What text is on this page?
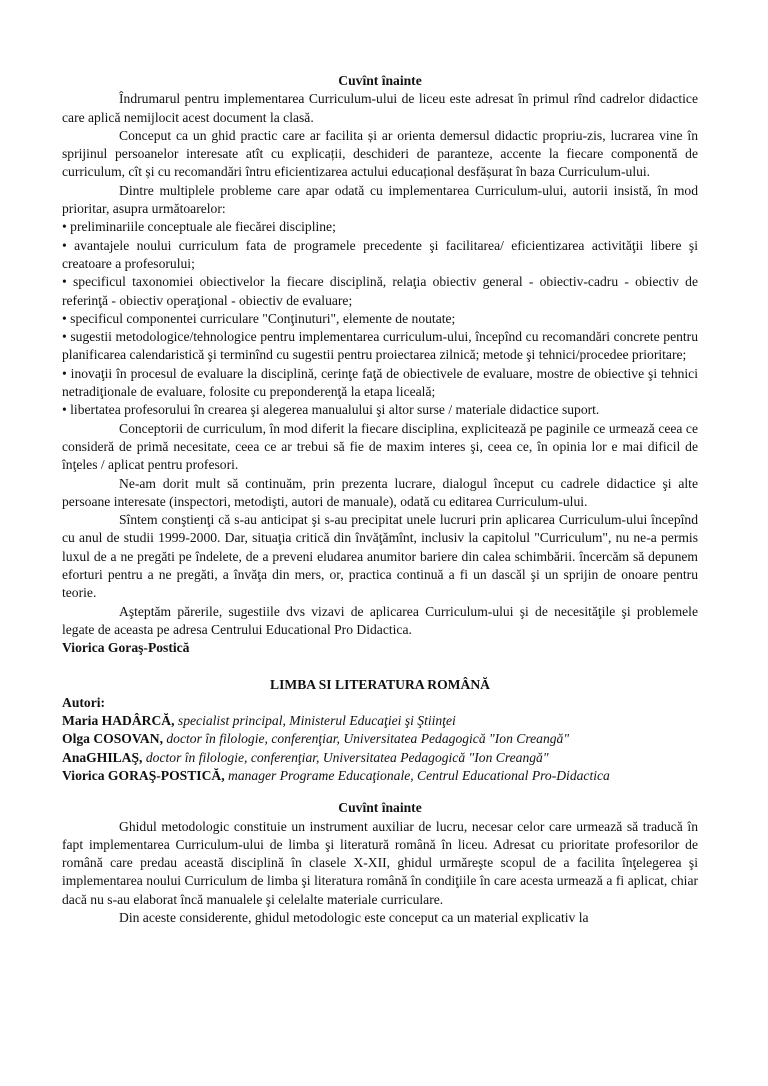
Cuvînt înainte

Îndrumarul pentru implementarea Curriculum-ului de liceu este adresat în primul rînd cadrelor didactice care aplică nemijlocit acest document la clasă.

Conceput ca un ghid practic care ar facilita și ar orienta demersul didactic propriu-zis, lucrarea vine în sprijinul persoanelor interesate atît cu explicații, deschideri de paranteze, accente la fiecare componentă de curriculum, cît și cu recomandări întru eficientizarea actului educațional desfășurat în baza Curriculum-ului.

Dintre multiplele probleme care apar odată cu implementarea Curriculum-ului, autorii insistă, în mod prioritar, asupra următoarelor:

• preliminariile conceptuale ale fiecărei discipline;

• avantajele noului curriculum fata de programele precedente şi facilitarea/ eficientizarea activităţii libere şi creatoare a profesorului;

• specificul taxonomiei obiectivelor la fiecare disciplină, relaţia obiectiv general - obiectiv-cadru - obiectiv de referinţă - obiectiv operaţional - obiectiv de evaluare;

• specificul componentei curriculare "Conţinuturi", elemente de noutate;

• sugestii metodologice/tehnologice pentru implementarea curriculum-ului, începînd cu recomandări concrete pentru planificarea calendaristică şi terminînd cu sugestii pentru proiectarea zilnică; metode şi tehnici/procedee prioritare;

• inovaţii în procesul de evaluare la disciplină, cerinţe faţă de obiectivele de evaluare, mostre de obiective şi tehnici netradiţionale de evaluare, folosite cu preponderenţă la etapa liceală;

• libertatea profesorului în crearea şi alegerea manualului şi altor surse / materiale didactice suport.

Conceptorii de curriculum, în mod diferit la fiecare disciplina, explicitează pe paginile ce urmează ceea ce consideră de primă necesitate, ceea ce ar trebui să fie de maxim interes şi, ceea ce, în opinia lor e mai dificil de înţeles / aplicat pentru profesori.

Ne-am dorit mult să continuăm, prin prezenta lucrare, dialogul început cu cadrele didactice şi alte persoane interesate (inspectori, metodişti, autori de manuale), odată cu editarea Curriculum-ului.

Sîntem conştienţi că s-au anticipat şi s-au precipitat unele lucruri prin aplicarea Curriculum-ului începînd cu anul de studii 1999-2000. Dar, situaţia critică din învăţămînt, inclusiv la capitolul "Curriculum", nu ne-a permis luxul de a ne pregăti pe îndelete, de a preveni eludarea anumitor bariere din calea schimbării. încercăm să depunem eforturi pentru a ne pregăti, a învăţa din mers, or, practica continuă a fi un dascăl şi un sprijin de onoare pentru teorie.

Aşteptăm părerile, sugestiile dvs vizavi de aplicarea Curriculum-ului şi de necesităţile şi problemele legate de aceasta pe adresa Centrului Educational Pro Didactica.

Viorica Goraş-Postică

LIMBA SI LITERATURA ROMÂNĂ

Autori:

Maria HADÂRCĂ, specialist principal, Ministerul Educaţiei şi Ştiinţei

Olga COSOVAN, doctor în filologie, conferenţiar, Universitatea Pedagogică "Ion Creangă"

AnaGHILAŞ, doctor în filologie, conferenţiar, Universitatea Pedagogică "Ion Creangă"

Viorica GORAŞ-POSTICĂ, manager Programe Educaţionale, Centrul Educational Pro-Didactica

Cuvînt înainte

Ghidul metodologic constituie un instrument auxiliar de lucru, necesar celor care urmează să traducă în fapt implementarea Curriculum-ului de limba şi literatură română în liceu. Adresat cu prioritate profesorilor de română care predau această disciplină în clasele X-XII, ghidul urmăreşte scopul de a facilita înţelegerea şi implementarea noului Curriculum de limba şi literatura română în condiţiile în care acesta urmează a fi aplicat, chiar dacă nu s-au elaborat încă manualele şi celelalte materiale curriculare.

Din aceste considerente, ghidul metodologic este conceput ca un material explicativ la
